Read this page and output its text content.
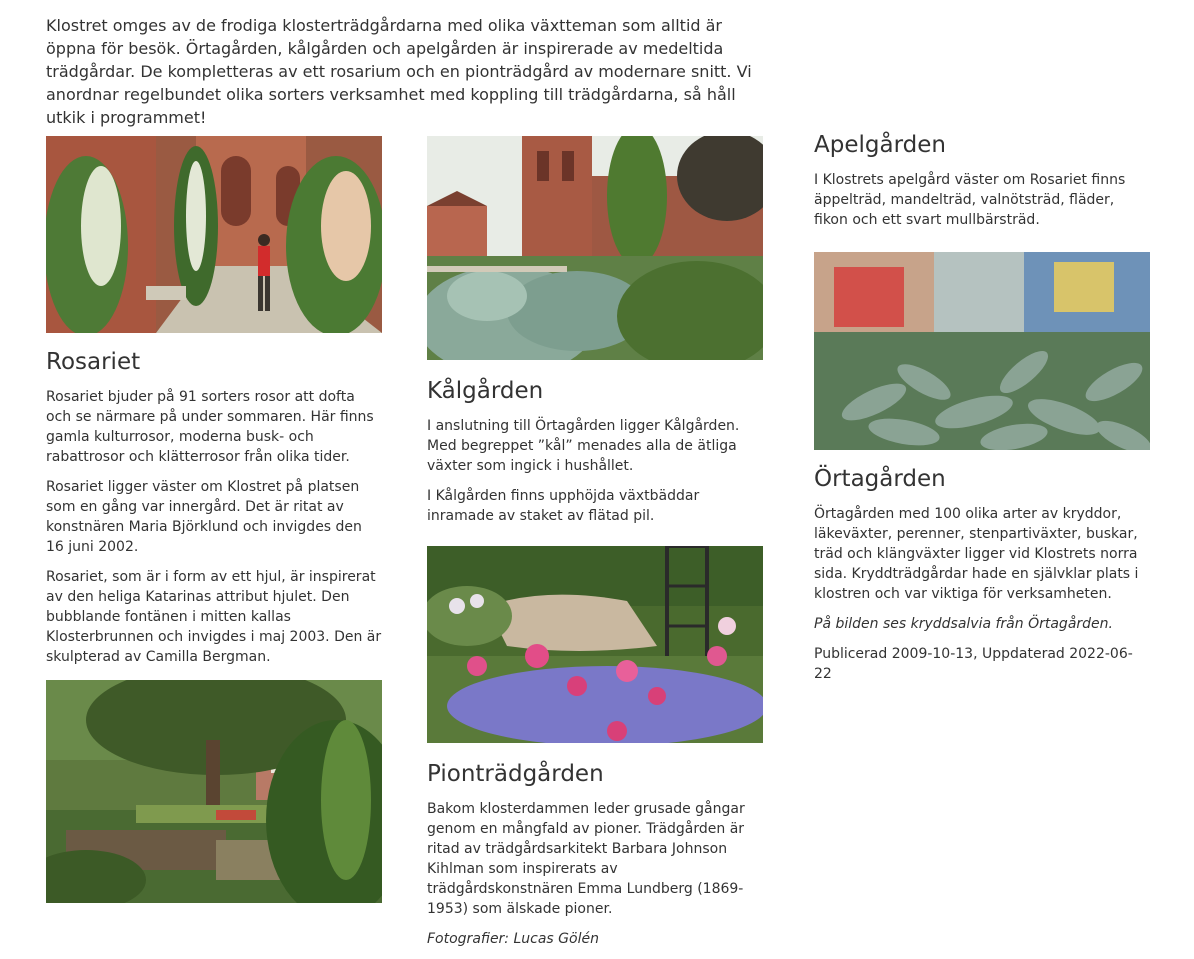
Klostret omges av de frodiga klosterträdgårdarna med olika växtteman som alltid är öppna för besök. Örtagården, kålgården och apelgården är inspirerade av medeltida trädgårdar. De kompletteras av ett rosarium och en pionträdgård av modernare snitt. Vi anordnar regelbundet olika sorters verksamhet med koppling till trädgårdarna, så håll utkik i programmet!

Rosariet

Rosariet bjuder på 91 sorters rosor att dofta och se närmare på under sommaren. Här finns gamla kulturrosor, moderna busk- och rabattrosor och klätterrosor från olika tider.

Rosariet ligger väster om Klostret på platsen som en gång var innergård. Det är ritat av konstnären Maria Björklund och invigdes den 16 juni 2002.

Rosariet, som är i form av ett hjul, är inspirerat av den heliga Katarinas attribut hjulet. Den bubblande fontänen i mitten kallas Klosterbrunnen och invigdes i maj 2003. Den är skulpterad av Camilla Bergman.

Kålgården

I anslutning till Örtagården ligger Kålgården. Med begreppet ”kål” menades alla de ätliga växter som ingick i hushållet.

I Kålgården finns upphöjda växtbäddar inramade av staket av flätad pil.

Pionträdgården

Bakom klosterdammen leder grusade gångar genom en mångfald av pioner. Trädgården är ritad av trädgårdsarkitekt Barbara Johnson Kihlman som inspirerats av trädgårdskonstnären Emma Lundberg (1869-1953) som älskade pioner.

Fotografier: Lucas Gölén

Apelgården

I Klostrets apelgård väster om Rosariet finns äppelträd, mandelträd, valnötsträd, fläder, fikon och ett svart mullbärsträd.

Örtagården

Örtagården med 100 olika arter av kryddor, läkeväxter, perenner, stenpartiväxter, buskar, träd och klängväxter ligger vid Klostrets norra sida. Kryddträdgårdar hade en självklar plats i klostren och var viktiga för verksamheten.

På bilden ses kryddsalvia från Örtagården.

Publicerad 2009-10-13, Uppdaterad 2022-06-22
